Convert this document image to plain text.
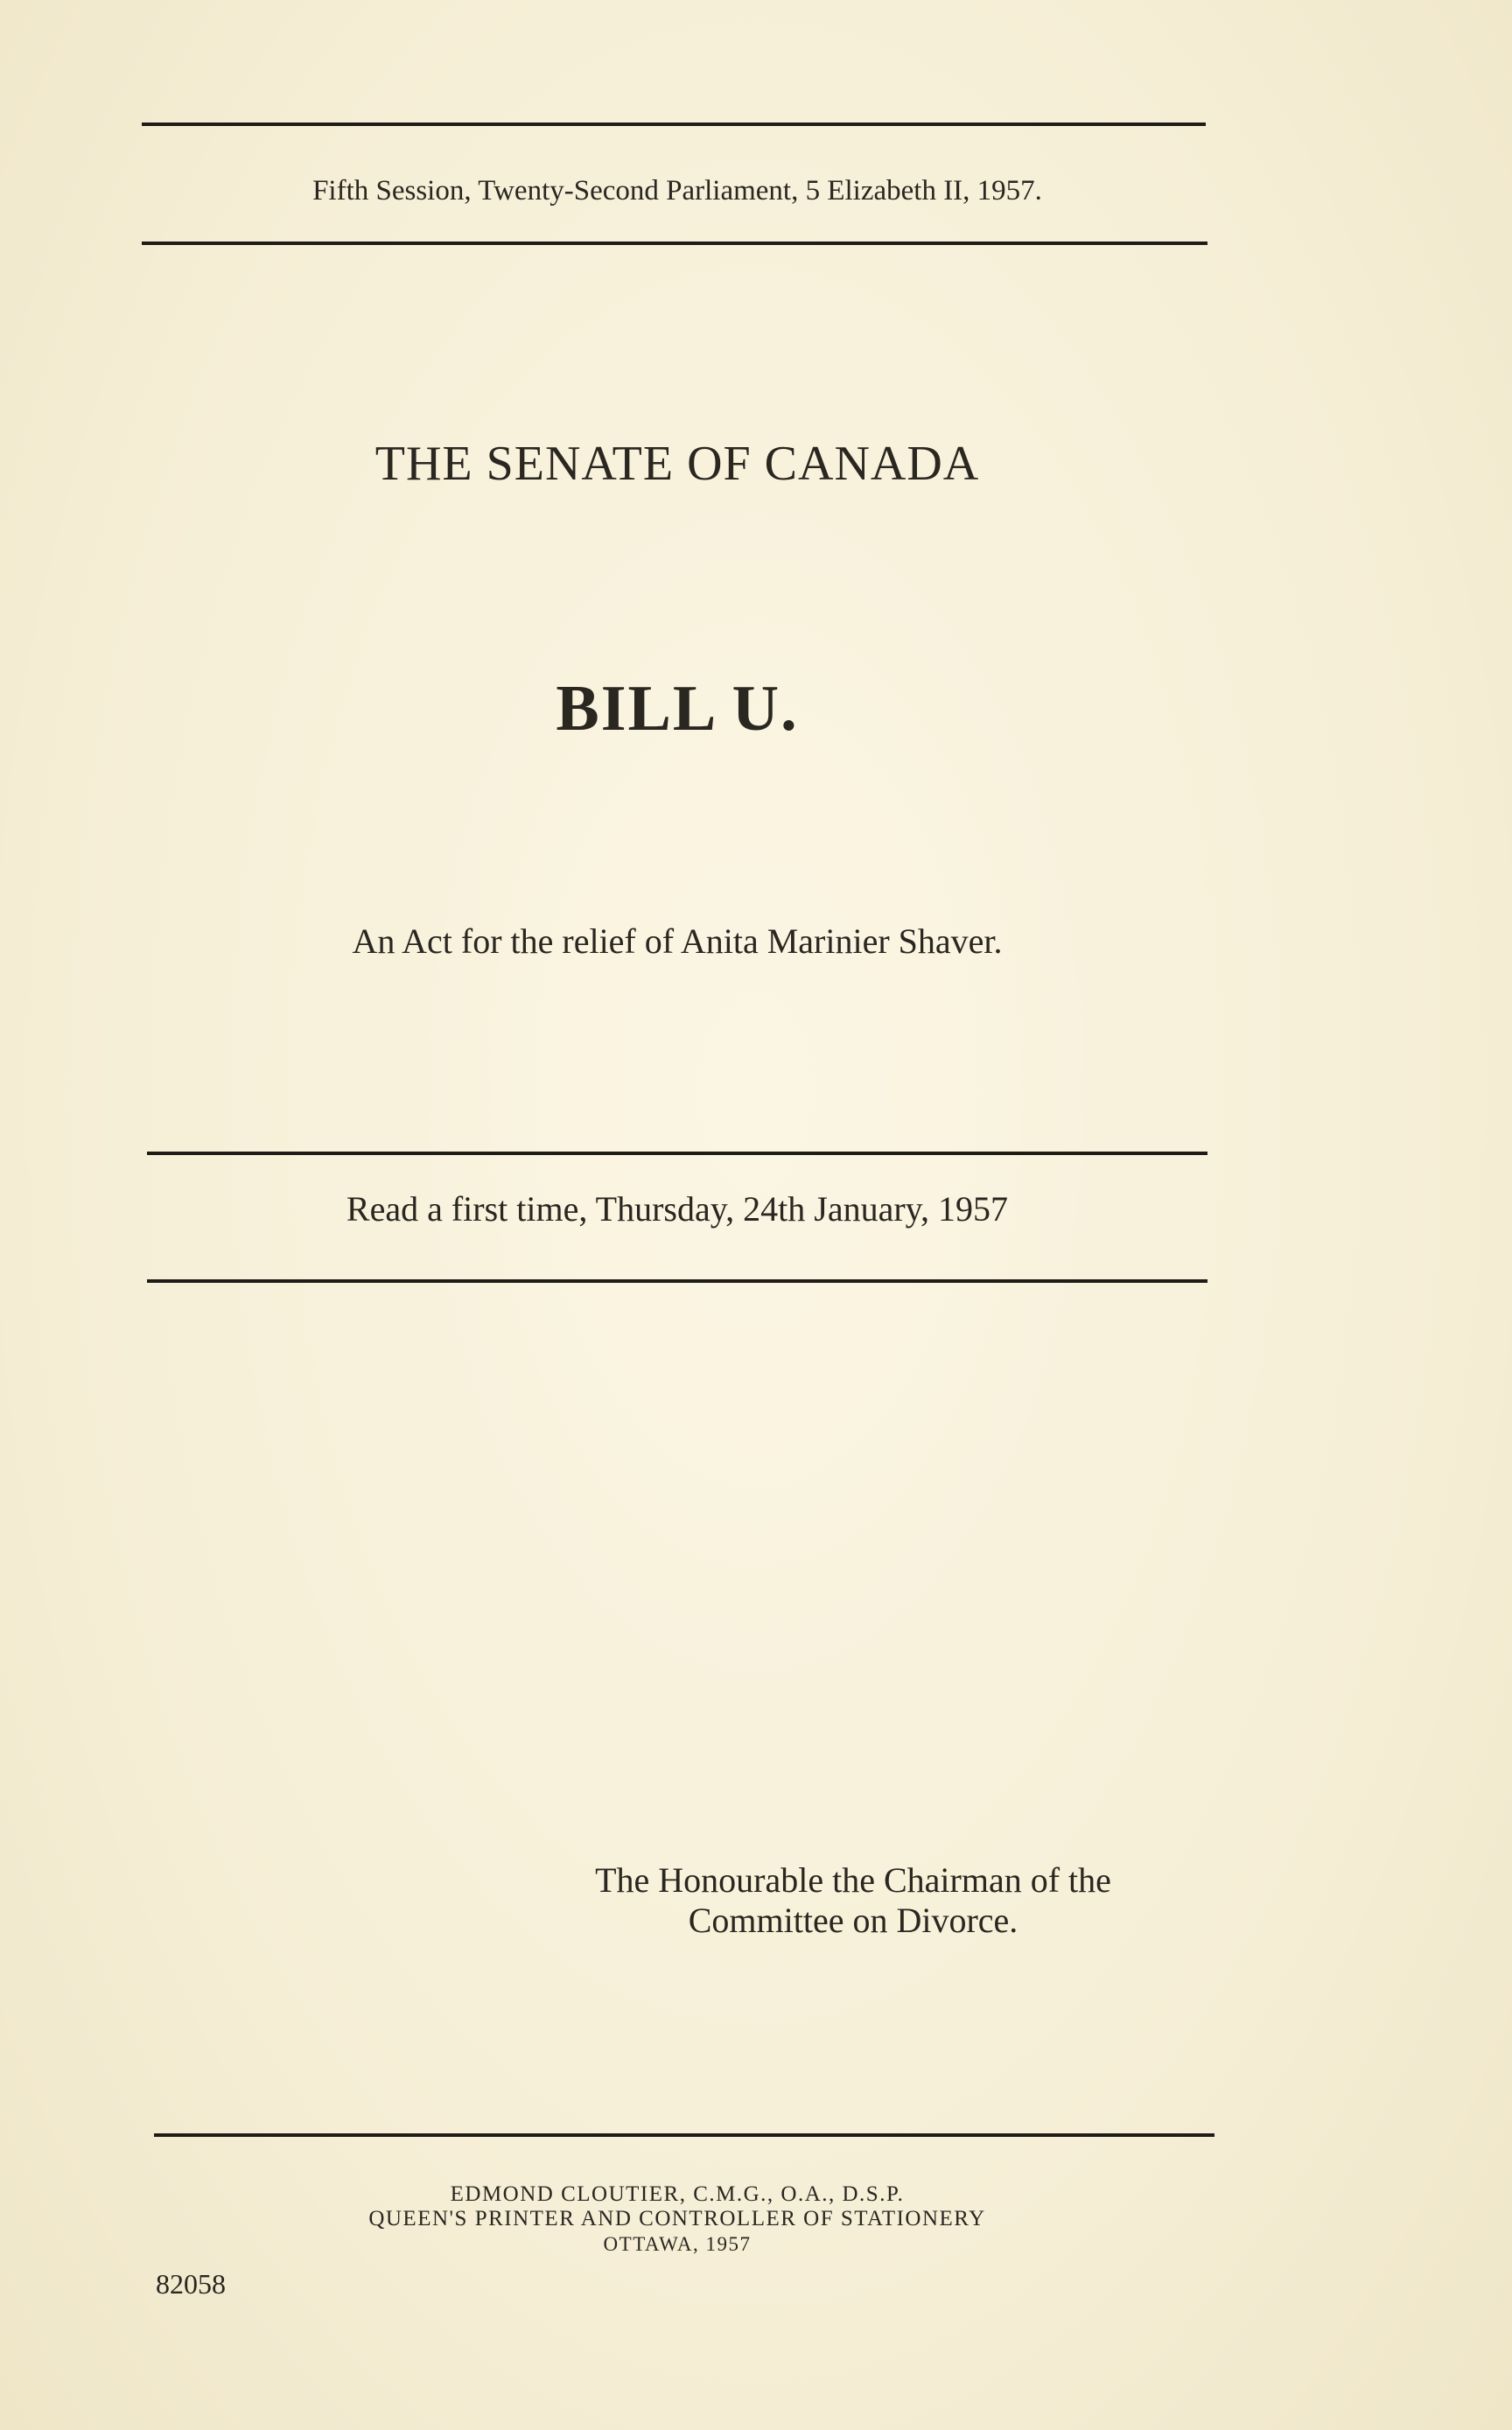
Fifth Session, Twenty-Second Parliament, 5 Elizabeth II, 1957.
THE SENATE OF CANADA
BILL U.
An Act for the relief of Anita Marinier Shaver.
Read a first time, Thursday, 24th January, 1957
The Honourable the Chairman of the
Committee on Divorce.
EDMOND CLOUTIER, C.M.G., O.A., D.S.P.
QUEEN'S PRINTER AND CONTROLLER OF STATIONERY
OTTAWA, 1957
82058
